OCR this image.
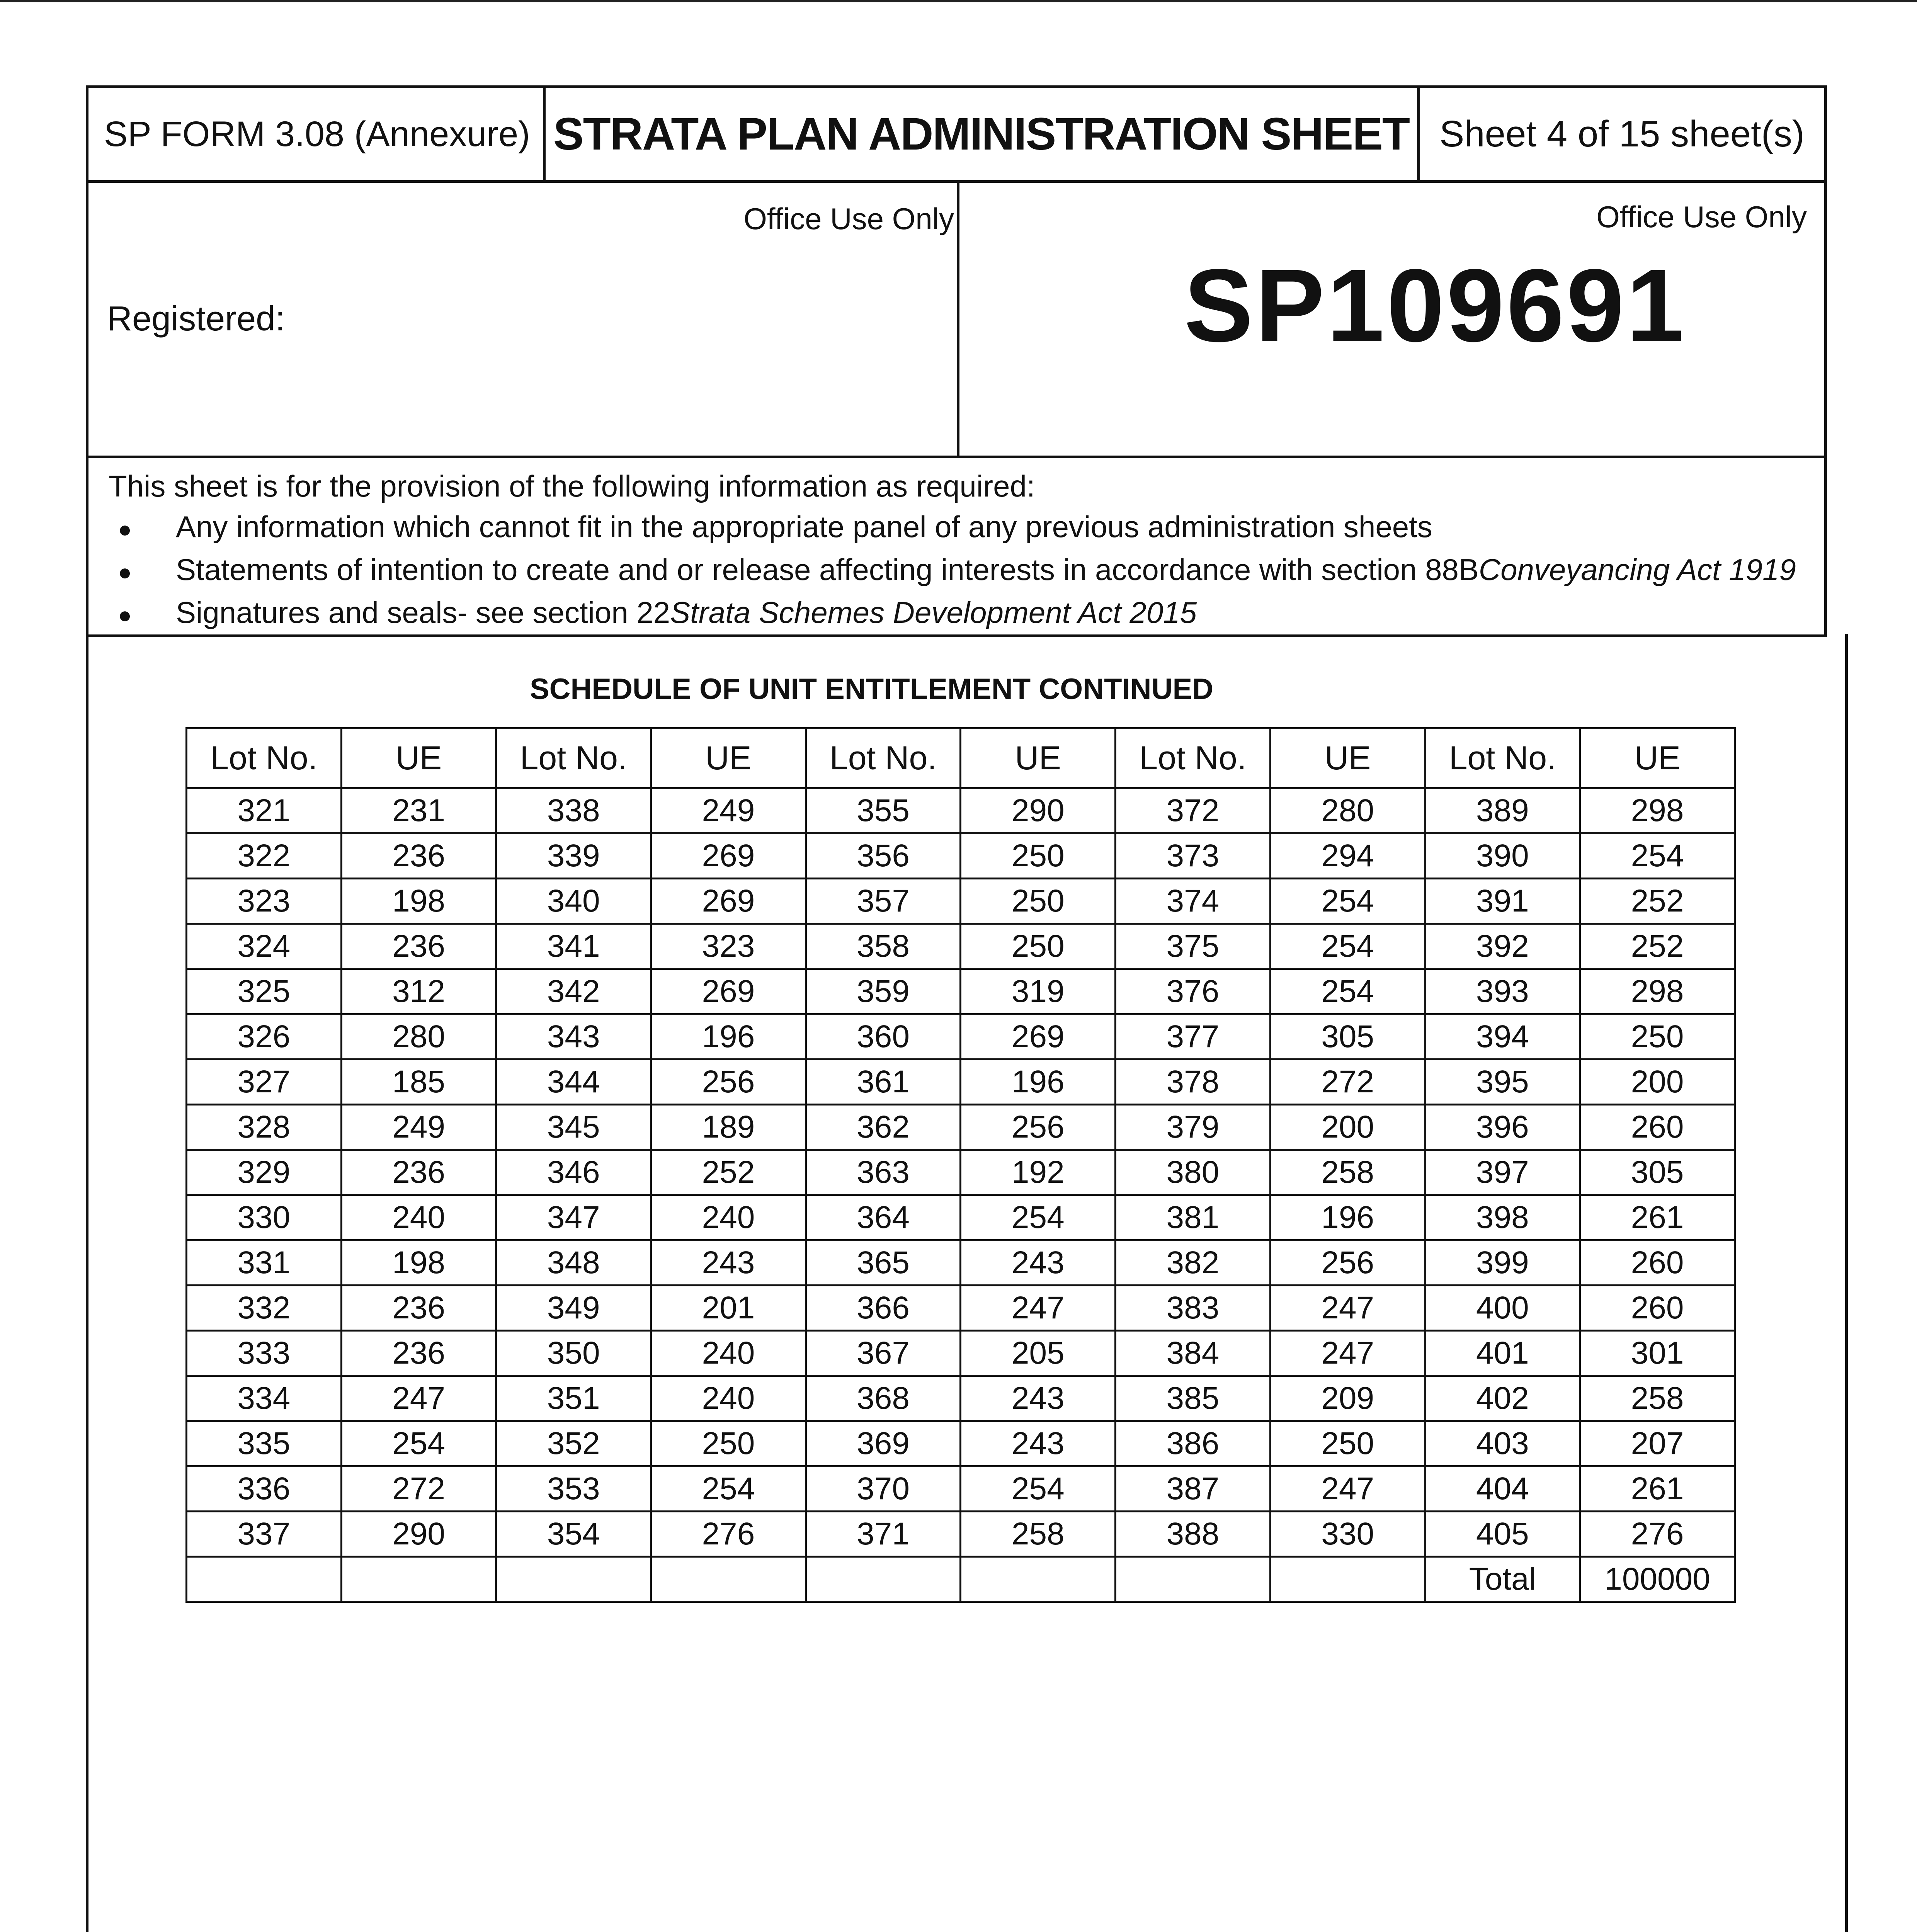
SP FORM 3.08 (Annexure) STRATA PLAN ADMINISTRATION SHEET Sheet 4 of 15 sheet(s)
Office Use Only	Office Use Only
Registered:	SP109691
This sheet is for the provision of the following information as required:
●	Any information which cannot fit in the appropriate panel of any previous administration sheets
●	Statements of intention to create and or release affecting interests in accordance with section 88B Conveyancing Act 1919
●	Signatures and seals- see section 22 Strata Schemes Development Act 2015
SCHEDULE OF UNIT ENTITLEMENT CONTINUED
Lot No.	UE	Lot No.	UE	Lot No.	UE	Lot No.	UE	Lot No.	UE
321	231	338	249	355	290	372	280	389	298
322	236	339	269	356	250	373	294	390	254
323	198	340	269	357	250	374	254	391	252
324	236	341	323	358	250	375	254	392	252
325	312	342	269	359	319	376	254	393	298
326	280	343	196	360	269	377	305	394	250
327	185	344	256	361	196	378	272	395	200
328	249	345	189	362	256	379	200	396	260
329	236	346	252	363	192	380	258	397	305
330	240	347	240	364	254	381	196	398	261
331	198	348	243	365	243	382	256	399	260
332	236	349	201	366	247	383	247	400	260
333	236	350	240	367	205	384	247	401	301
334	247	351	240	368	243	385	209	402	258
335	254	352	250	369	243	386	250	403	207
336	272	353	254	370	254	387	247	404	261
337	290	354	276	371	258	388	330	405	276
								Total	100000
